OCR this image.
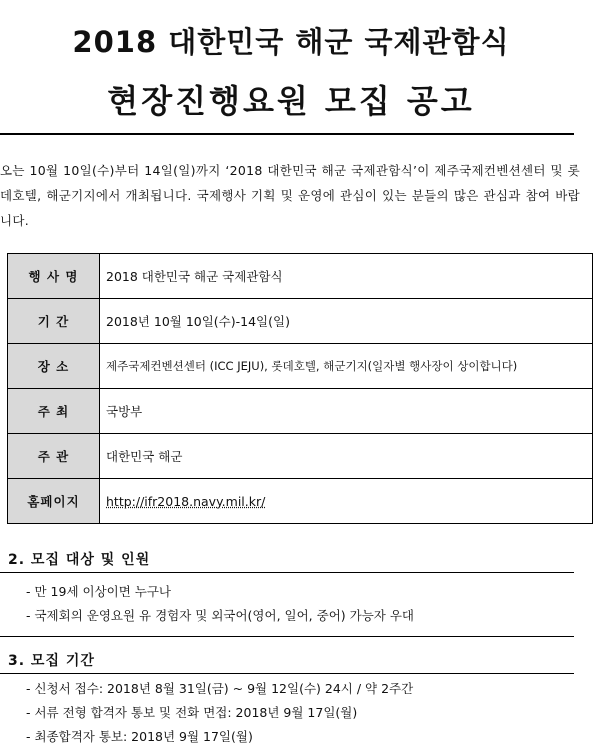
2018 대한민국 해군 국제관함식
현장진행요원 모집 공고
오는 10월 10일(수)부터 14일(일)까지 ‘2018 대한민국 해군 국제관함식’이 제주국제컨벤션센터 및 롯데호텔, 해군기지에서 개최됩니다. 국제행사 기획 및 운영에 관심이 있는 분들의 많은 관심과 참여 바랍니다.
행 사 명	2018 대한민국 해군 국제관함식
기 간	2018년 10월 10일(수)-14일(일)
장 소	제주국제컨벤션센터 (ICC JEJU), 롯데호텔, 해군기지(일자별 행사장이 상이합니다)
주 최	국방부
주 관	대한민국 해군
홈페이지	http://ifr2018.navy.mil.kr/
2. 모집 대상 및 인원
- 만 19세 이상이면 누구나
- 국제회의 운영요원 유 경험자 및 외국어(영어, 일어, 중어) 가능자 우대
3. 모집 기간
- 신청서 접수: 2018년 8월 31일(금) ~ 9월 12일(수) 24시 / 약 2주간
- 서류 전형 합격자 통보 및 전화 면접: 2018년 9월 17일(월)
- 최종합격자 통보: 2018년 9월 17일(월)
